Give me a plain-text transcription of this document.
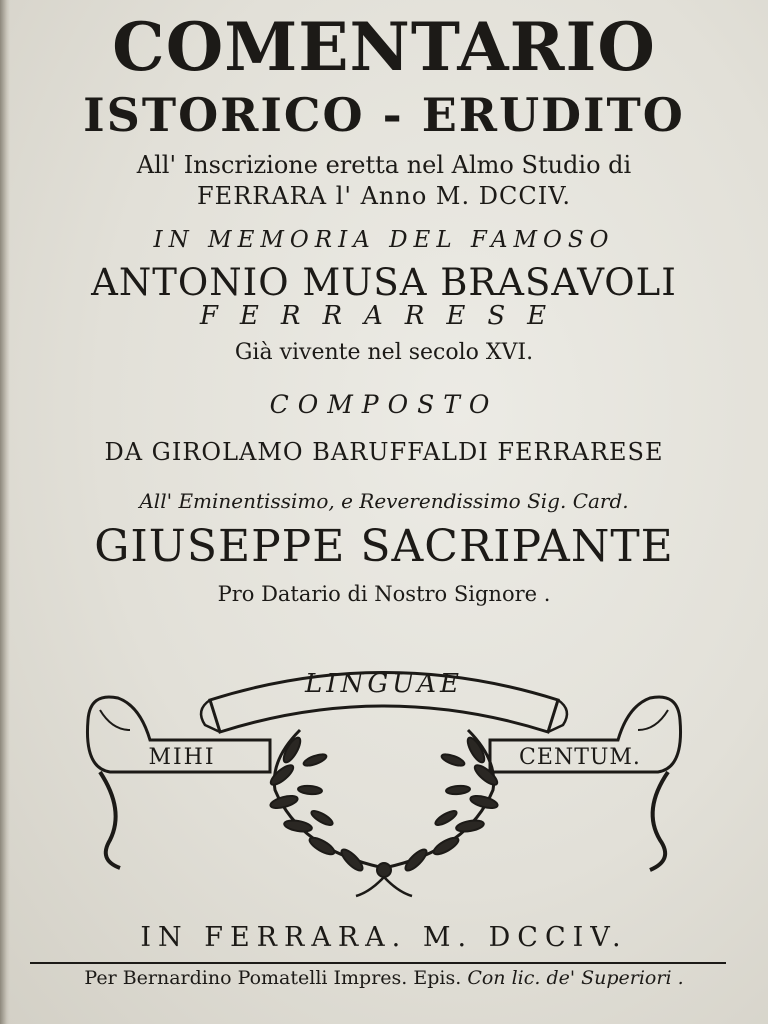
COMENTARIO
ISTORICO - ERUDITO
All' Inscrizione eretta nel Almo Studio di
FERRARA l' Anno M. DCCIV.
IN MEMORIA DEL FAMOSO
ANTONIO MUSA BRASAVOLI
FERRARESE
Già vivente nel secolo XVI.
COMPOSTO
DA GIROLAMO BARUFFALDI FERRARESE
All' Eminentissimo, e Reverendissimo Sig. Card.
GIUSEPPE SACRIPANTE
Pro Datario di Nostro Signore .
LINGUAE
MIHI	CENTUM.
IN FERRARA. M. DCCIV.
Per Bernardino Pomatelli Impres. Epis. Con lic. de' Superiori .
